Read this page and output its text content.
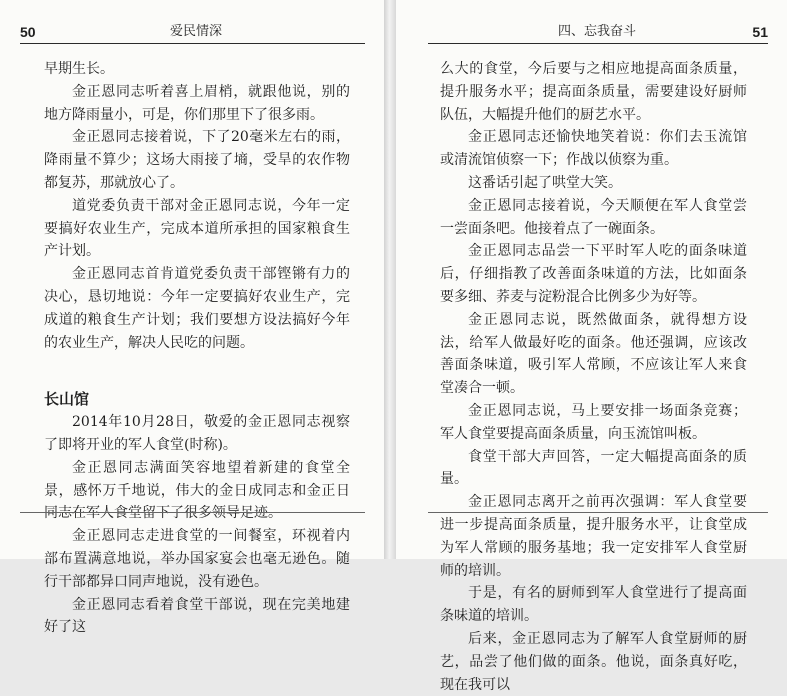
50	爱民情深

早期生长。

金正恩同志听着喜上眉梢，就跟他说，别的地方降雨量小，可是，你们那里下了很多雨。

金正恩同志接着说，下了20毫米左右的雨，降雨量不算少；这场大雨接了墒，受旱的农作物都复苏，那就放心了。

道党委负责干部对金正恩同志说，今年一定要搞好农业生产，完成本道所承担的国家粮食生产计划。

金正恩同志首肯道党委负责干部铿锵有力的决心，恳切地说：今年一定要搞好农业生产，完成道的粮食生产计划；我们要想方设法搞好今年的农业生产，解决人民吃的问题。

长山馆

2014年10月28日，敬爱的金正恩同志视察了即将开业的军人食堂(时称)。

金正恩同志满面笑容地望着新建的食堂全景，感怀万千地说，伟大的金日成同志和金正日同志在军人食堂留下了很多领导足迹。

金正恩同志走进食堂的一间餐室，环视着内部布置满意地说，举办国家宴会也毫无逊色。随行干部都异口同声地说，没有逊色。

金正恩同志看着食堂干部说，现在完美地建好了这

四、忘我奋斗	51

么大的食堂，今后要与之相应地提高面条质量，提升服务水平；提高面条质量，需要建设好厨师队伍，大幅提升他们的厨艺水平。

金正恩同志还愉快地笑着说：你们去玉流馆或清流馆侦察一下；作战以侦察为重。

这番话引起了哄堂大笑。

金正恩同志接着说，今天顺便在军人食堂尝一尝面条吧。他接着点了一碗面条。

金正恩同志品尝一下平时军人吃的面条味道后，仔细指教了改善面条味道的方法，比如面条要多细、荞麦与淀粉混合比例多少为好等。

金正恩同志说，既然做面条，就得想方设法，给军人做最好吃的面条。他还强调，应该改善面条味道，吸引军人常顾，不应该让军人来食堂凑合一顿。

金正恩同志说，马上要安排一场面条竞赛；军人食堂要提高面条质量，向玉流馆叫板。

食堂干部大声回答，一定大幅提高面条的质量。

金正恩同志离开之前再次强调：军人食堂要进一步提高面条质量，提升服务水平，让食堂成为军人常顾的服务基地；我一定安排军人食堂厨师的培训。

于是，有名的厨师到军人食堂进行了提高面条味道的培训。

后来，金正恩同志为了解军人食堂厨师的厨艺，品尝了他们做的面条。他说，面条真好吃，现在我可以
